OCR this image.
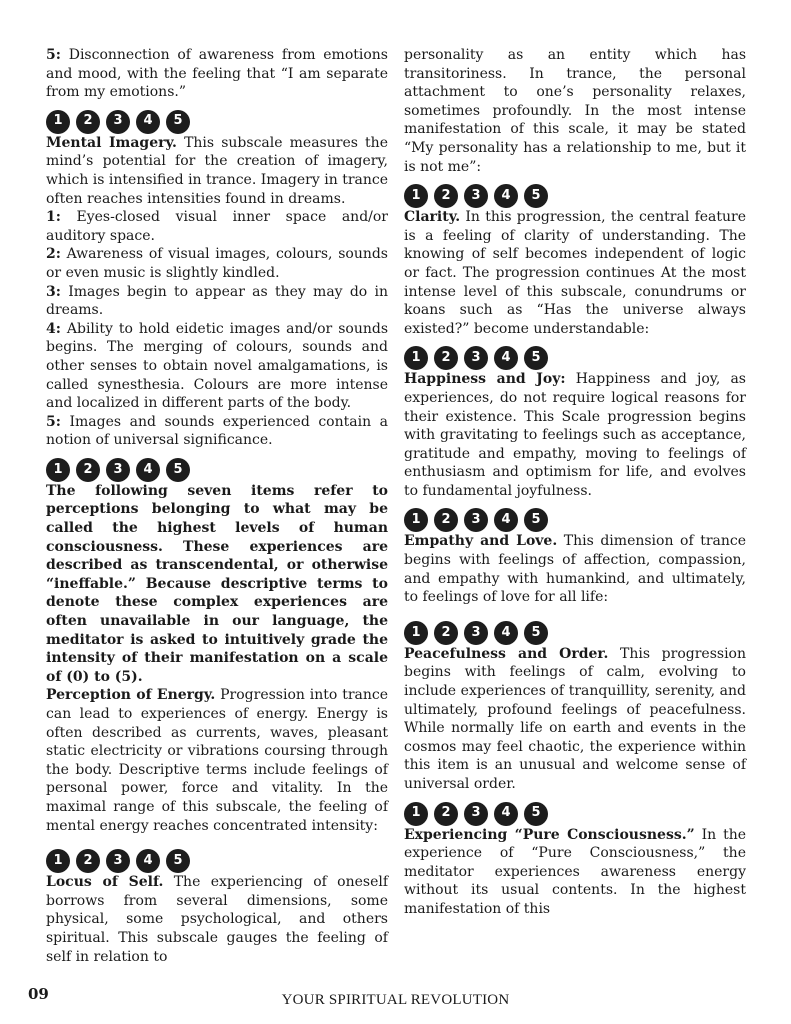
5: Disconnection of awareness from emotions and mood, with the feeling that “I am separate from my emotions.”

1	2	3	4	5

Mental Imagery. This subscale measures the mind’s potential for the creation of imagery, which is intensified in trance. Imagery in trance often reaches intensities found in dreams.

1: Eyes-closed visual inner space and/or auditory space.

2: Awareness of visual images, colours, sounds or even music is slightly kindled.

3: Images begin to appear as they may do in dreams.

4: Ability to hold eidetic images and/or sounds begins. The merging of colours, sounds and other senses to obtain novel amalgamations, is called synesthesia. Colours are more intense and localized in different parts of the body.

5: Images and sounds experienced contain a notion of universal significance.

1	2	3	4	5

The following seven items refer to perceptions belonging to what may be called the highest levels of human consciousness. These experiences are described as transcendental, or otherwise “ineffable.” Because descriptive terms to denote these complex experiences are often unavailable in our language, the meditator is asked to intuitively grade the intensity of their manifestation on a scale of (0) to (5).

Perception of Energy. Progression into trance can lead to experiences of energy. Energy is often described as currents, waves, pleasant static electricity or vibrations coursing through the body. Descriptive terms include feelings of personal power, force and vitality. In the maximal range of this subscale, the feeling of mental energy reaches concentrated intensity:

1	2	3	4	5

Locus of Self. The experiencing of oneself borrows from several dimensions, some physical, some psychological, and others spiritual. This subscale gauges the feeling of self in relation to

personality as an entity which has transitoriness. In trance, the personal attachment to one’s personality relaxes, sometimes profoundly. In the most intense manifestation of this scale, it may be stated “My personality has a relationship to me, but it is not me”:

1	2	3	4	5

Clarity. In this progression, the central feature is a feeling of clarity of understanding. The knowing of self becomes independent of logic or fact. The progression continues At the most intense level of this subscale, conundrums or koans such as “Has the universe always existed?” become understandable:

1	2	3	4	5

Happiness and Joy: Happiness and joy, as experiences, do not require logical reasons for their existence. This Scale progression begins with gravitating to feelings such as acceptance, gratitude and empathy, moving to feelings of enthusiasm and optimism for life, and evolves to fundamental joyfulness.

1	2	3	4	5

Empathy and Love. This dimension of trance begins with feelings of affection, compassion, and empathy with humankind, and ultimately, to feelings of love for all life:

1	2	3	4	5

Peacefulness and Order. This progression begins with feelings of calm, evolving to include experiences of tranquillity, serenity, and ultimately, profound feelings of peacefulness. While normally life on earth and events in the cosmos may feel chaotic, the experience within this item is an unusual and welcome sense of universal order.

1	2	3	4	5

Experiencing “Pure Consciousness.” In the experience of “Pure Consciousness,” the meditator experiences awareness energy without its usual contents. In the highest manifestation of this

09	YOUR SPIRITUAL REVOLUTION
